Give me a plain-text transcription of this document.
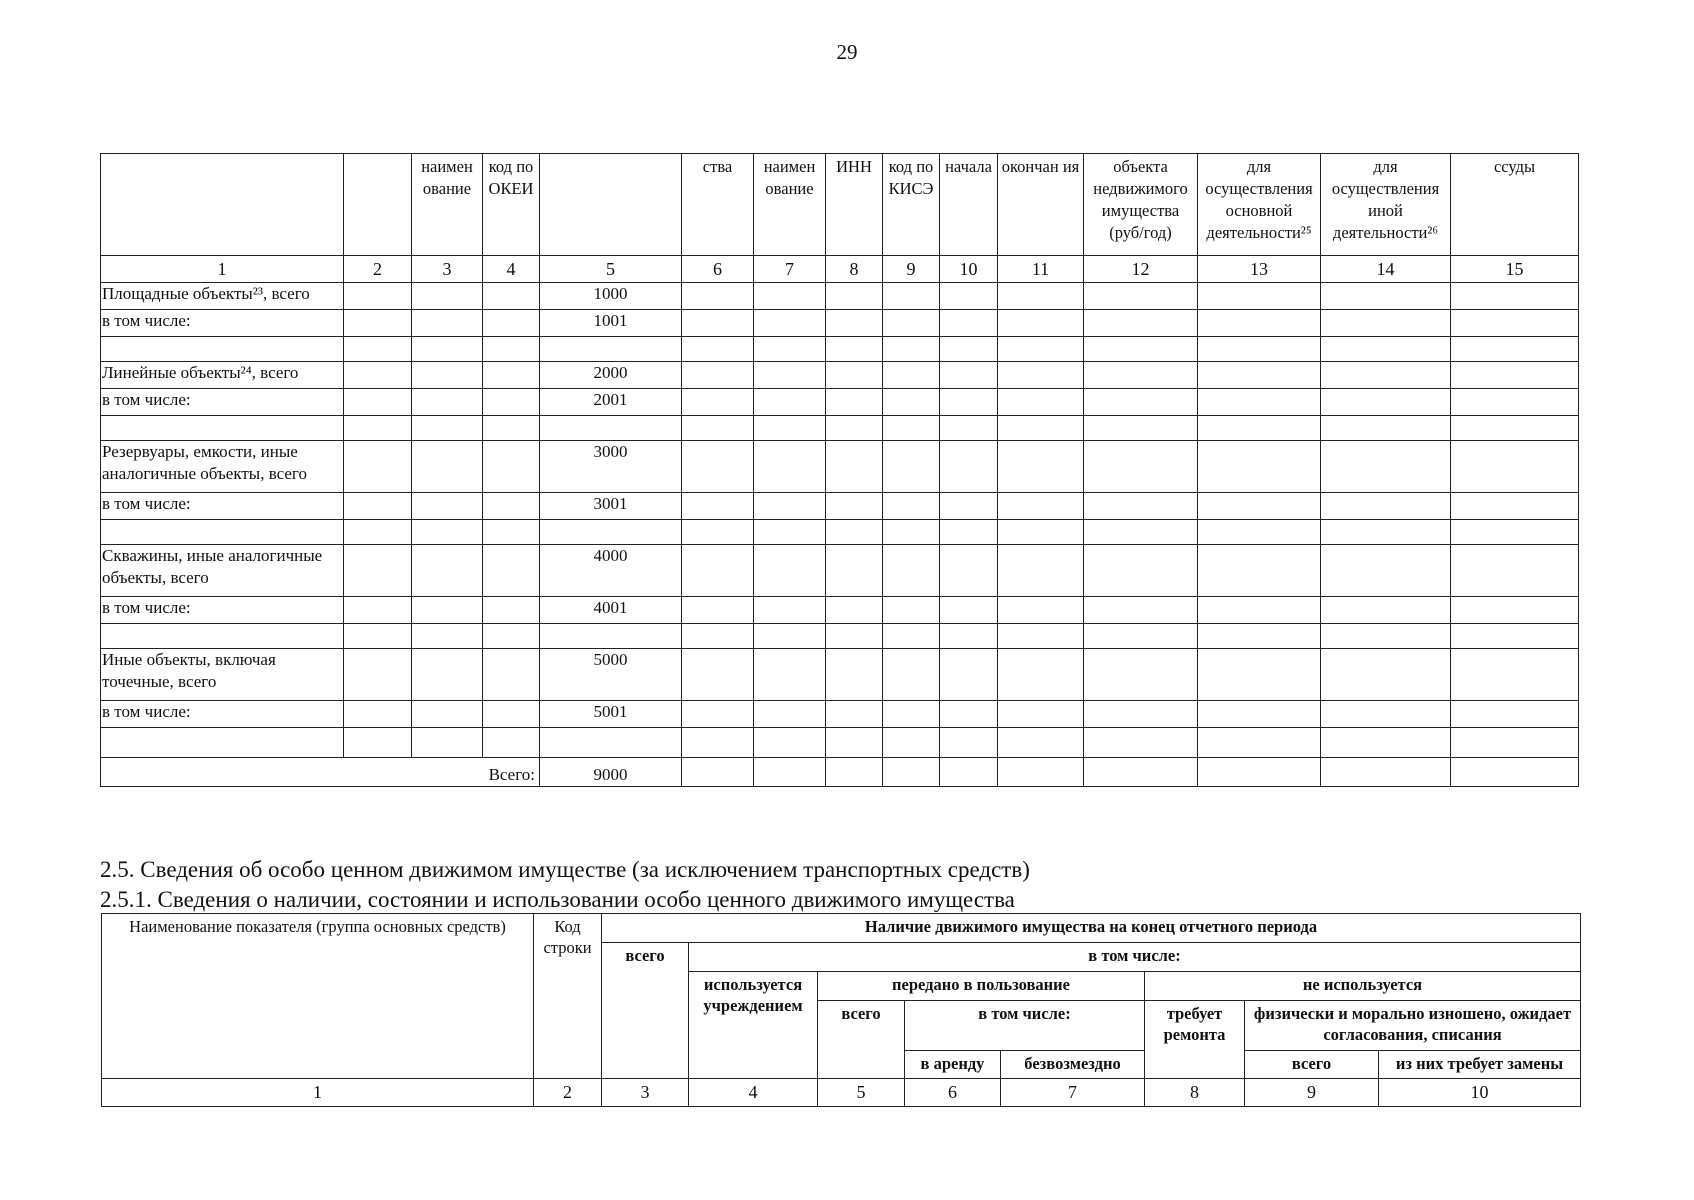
29
		наимен ование	код по ОКЕИ		ства	наимен ование	ИНН	код по КИСЭ	начала	окончан ия	объекта недвижимого имущества (руб/год)	для осуществления основной деятельности²⁵	для осуществления иной деятельности²⁶	ссуды
1	2	3	4	5	6	7	8	9	10	11	12	13	14	15
Площадные объекты²³, всего				1000										
в том числе:				1001										

Линейные объекты²⁴, всего				2000										
в том числе:				2001										

Резервуары, емкости, иные аналогичные объекты, всего				3000										
в том числе:				3001										

Скважины, иные аналогичные объекты, всего				4000										
в том числе:				4001										

Иные объекты, включая точечные, всего				5000										
в том числе:				5001										

Всего:				9000										
2.5. Сведения об особо ценном движимом имуществе (за исключением транспортных средств)
2.5.1. Сведения о наличии, состоянии и использовании особо ценного движимого имущества
Наименование показателя (группа основных средств)	Код строки	Наличие движимого имущества на конец отчетного периода							
		всего	в том числе:						
			используется учреждением	передано в пользование			не используется		
				всего	в том числе:		требует ремонта	физически и морально изношено, ожидает согласования, списания	
					в аренду	безвозмездно		всего	из них требует замены
1	2	3	4	5	6	7	8	9	10
